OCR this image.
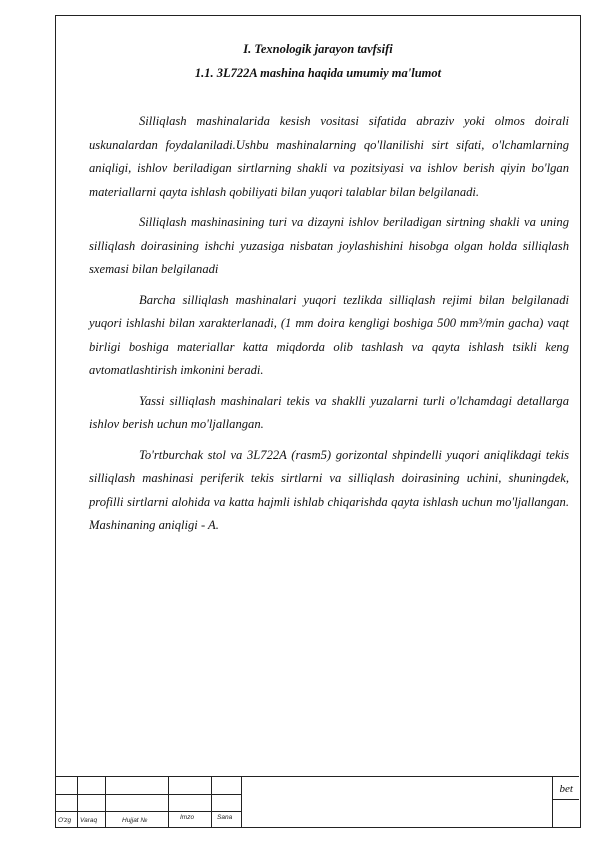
I. Texnologik jarayon tavfsifi
1.1. 3L722A mashina haqida umumiy ma'lumot

Silliqlash mashinalarida kesish vositasi sifatida abraziv yoki olmos doirali uskunalardan foydalaniladi.Ushbu mashinalarning qo'llanilishi sirt sifati, o'lchamlarning aniqligi, ishlov beriladigan sirtlarning shakli va pozitsiyasi va ishlov berish qiyin bo'lgan materiallarni qayta ishlash qobiliyati bilan yuqori talablar bilan belgilanadi.

Silliqlash mashinasining turi va dizayni ishlov beriladigan sirtning shakli va uning silliqlash doirasining ishchi yuzasiga nisbatan joylashishini hisobga olgan holda silliqlash sxemasi bilan belgilanadi

Barcha silliqlash mashinalari yuqori tezlikda silliqlash rejimi bilan belgilanadi yuqori ishlashi bilan xarakterlanadi, (1 mm doira kengligi boshiga 500 mm³/min gacha) vaqt birligi boshiga materiallar katta miqdorda olib tashlash va qayta ishlash tsikli keng avtomatlashtirish imkonini beradi.

Yassi silliqlash mashinalari tekis va shaklli yuzalarni turli o'lchamdagi detallarga ishlov berish uchun mo'ljallangan.

To'rtburchak stol va 3L722A (rasm5) gorizontal shpindelli yuqori aniqlikdagi tekis silliqlash mashinasi periferik tekis sirtlarni va silliqlash doirasining uchini, shuningdek, profilli sirtlarni alohida va katta hajmli ishlab chiqarishda qayta ishlash uchun mo'ljallangan. Mashinaning aniqligi - A.

O'zg Varaq	Hujjat №	Imzo	Sana
bet
